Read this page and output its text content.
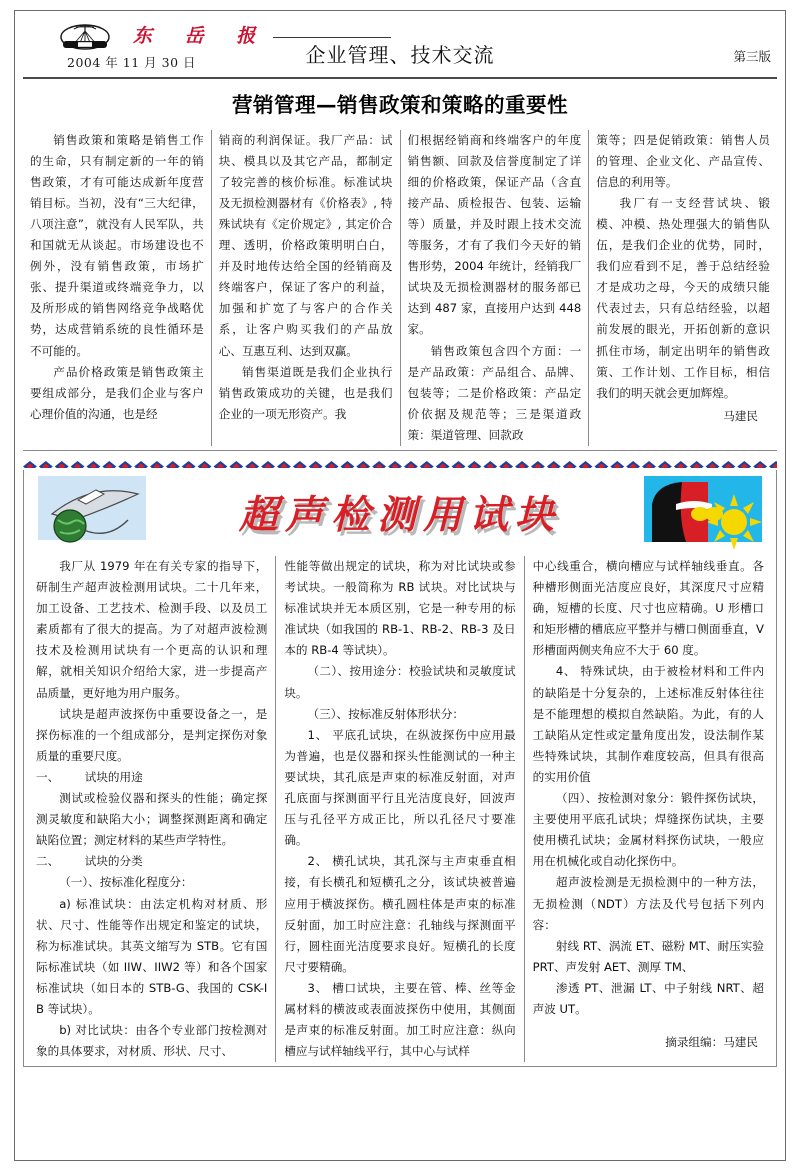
东 岳 报
2004 年 11 月 30 日	企业管理、技术交流	第三版
营销管理—销售政策和策略的重要性

销售政策和策略是销售工作的生命，只有制定新的一年的销售政策，才有可能达成新年度营销目标。当初，没有“三大纪律，八项注意”，就没有人民军队，共和国就无从谈起。市场建设也不例外，没有销售政策，市场扩张、提升渠道或终端竞争力，以及所形成的销售网络竞争战略优势，达成营销系统的良性循环是不可能的。

产品价格政策是销售政策主要组成部分，是我们企业与客户心理价值的沟通，也是经

销商的利润保证。我厂产品：试块、模具以及其它产品，都制定了较完善的核价标准。标准试块及无损检测器材有《价格表》, 特殊试块有《定价规定》, 其定价合理、透明，价格政策明明白白，并及时地传达给全国的经销商及终端客户，保证了客户的利益，加强和扩宽了与客户的合作关系，让客户购买我们的产品放心、互惠互利、达到双赢。

销售渠道既是我们企业执行销售政策成功的关键，也是我们企业的一项无形资产。我

们根据经销商和终端客户的年度销售额、回款及信誉度制定了详细的价格政策，保证产品（含直接产品、质检报告、包装、运输等）质量，并及时跟上技术交流等服务，才有了我们今天好的销售形势，2004 年统计，经销我厂试块及无损检测器材的服务部已达到 487 家，直接用户达到 448 家。

销售政策包含四个方面：一是产品政策：产品组合、品牌、包装等；二是价格政策：产品定价依据及规范等；三是渠道政策：渠道管理、回款政

策等；四是促销政策：销售人员的管理、企业文化、产品宣传、信息的利用等。

我厂有一支经营试块、锻模、冲模、热处理强大的销售队伍，是我们企业的优势，同时，我们应看到不足，善于总结经验才是成功之母，今天的成绩只能代表过去，只有总结经验，以超前发展的眼光，开拓创新的意识抓住市场，制定出明年的销售政策、工作计划、工作目标，相信我们的明天就会更加辉煌。

马建民
超声检测用试块

我厂从 1979 年在有关专家的指导下，研制生产超声波检测用试块。二十几年来，加工设备、工艺技术、检测手段、以及员工素质都有了很大的提高。为了对超声波检测技术及检测用试块有一个更高的认识和理解，就相关知识介绍给大家，进一步提高产品质量，更好地为用户服务。

试块是超声波探伤中重要设备之一，是探伤标准的一个组成部分，是判定探伤对象质量的重要尺度。

一、 试块的用途

测试或检验仪器和探头的性能；确定探测灵敏度和缺陷大小；调整探测距离和确定缺陷位置；测定材料的某些声学特性。

二、 试块的分类

（一）、按标准化程度分：

a) 标准试块：由法定机构对材质、形状、尺寸、性能等作出规定和鉴定的试块，称为标准试块。其英文缩写为 STB。它有国际标准试块（如 IIW、IIW2 等）和各个国家标准试块（如日本的 STB-G、我国的 CSK-IB 等试块）。

b) 对比试块：由各个专业部门按检测对象的具体要求，对材质、形状、尺寸、

性能等做出规定的试块，称为对比试块或参考试块。一般简称为 RB 试块。对比试块与标准试块并无本质区别，它是一种专用的标准试块（如我国的 RB-1、RB-2、RB-3 及日本的 RB-4 等试块）。

（二）、按用途分：校验试块和灵敏度试块。

（三）、按标准反射体形状分：

1、 平底孔试块，在纵波探伤中应用最为普遍，也是仪器和探头性能测试的一种主要试块，其孔底是声束的标准反射面，对声孔底面与探测面平行且光洁度良好，回波声压与孔径平方成正比，所以孔径尺寸要准确。

2、 横孔试块，其孔深与主声束垂直相接，有长横孔和短横孔之分，该试块被普遍应用于横波探伤。横孔圆柱体是声束的标准反射面，加工时应注意：孔轴线与探测面平行，圆柱面光洁度要求良好。短横孔的长度尺寸要精确。

3、 槽口试块，主要在管、棒、丝等金属材料的横波或表面波探伤中使用，其侧面是声束的标准反射面。加工时应注意：纵向槽应与试样轴线平行，其中心与试样

中心线重合，横向槽应与试样轴线垂直。各种槽形侧面光洁度应良好，其深度尺寸应精确，短槽的长度、尺寸也应精确。U 形槽口和矩形槽的槽底应平整并与槽口侧面垂直，V 形槽面两侧夹角应不大于 60 度。

4、 特殊试块，由于被检材料和工件内的缺陷是十分复杂的，上述标准反射体往往是不能理想的模拟自然缺陷。为此，有的人工缺陷从定性或定量角度出发，设法制作某些特殊试块，其制作难度较高，但具有很高的实用价值

（四）、按检测对象分：锻件探伤试块，主要使用平底孔试块；焊缝探伤试块，主要使用横孔试块；金属材料探伤试块，一般应用在机械化或自动化探伤中。

超声波检测是无损检测中的一种方法，无损检测（NDT）方法及代号包括下列内容：

射线 RT、涡流 ET、磁粉 MT、耐压实验 PRT、声发射 AET、测厚 TM、

渗透 PT、泄漏 LT、中子射线 NRT、超声波 UT。

摘录组编：马建民
